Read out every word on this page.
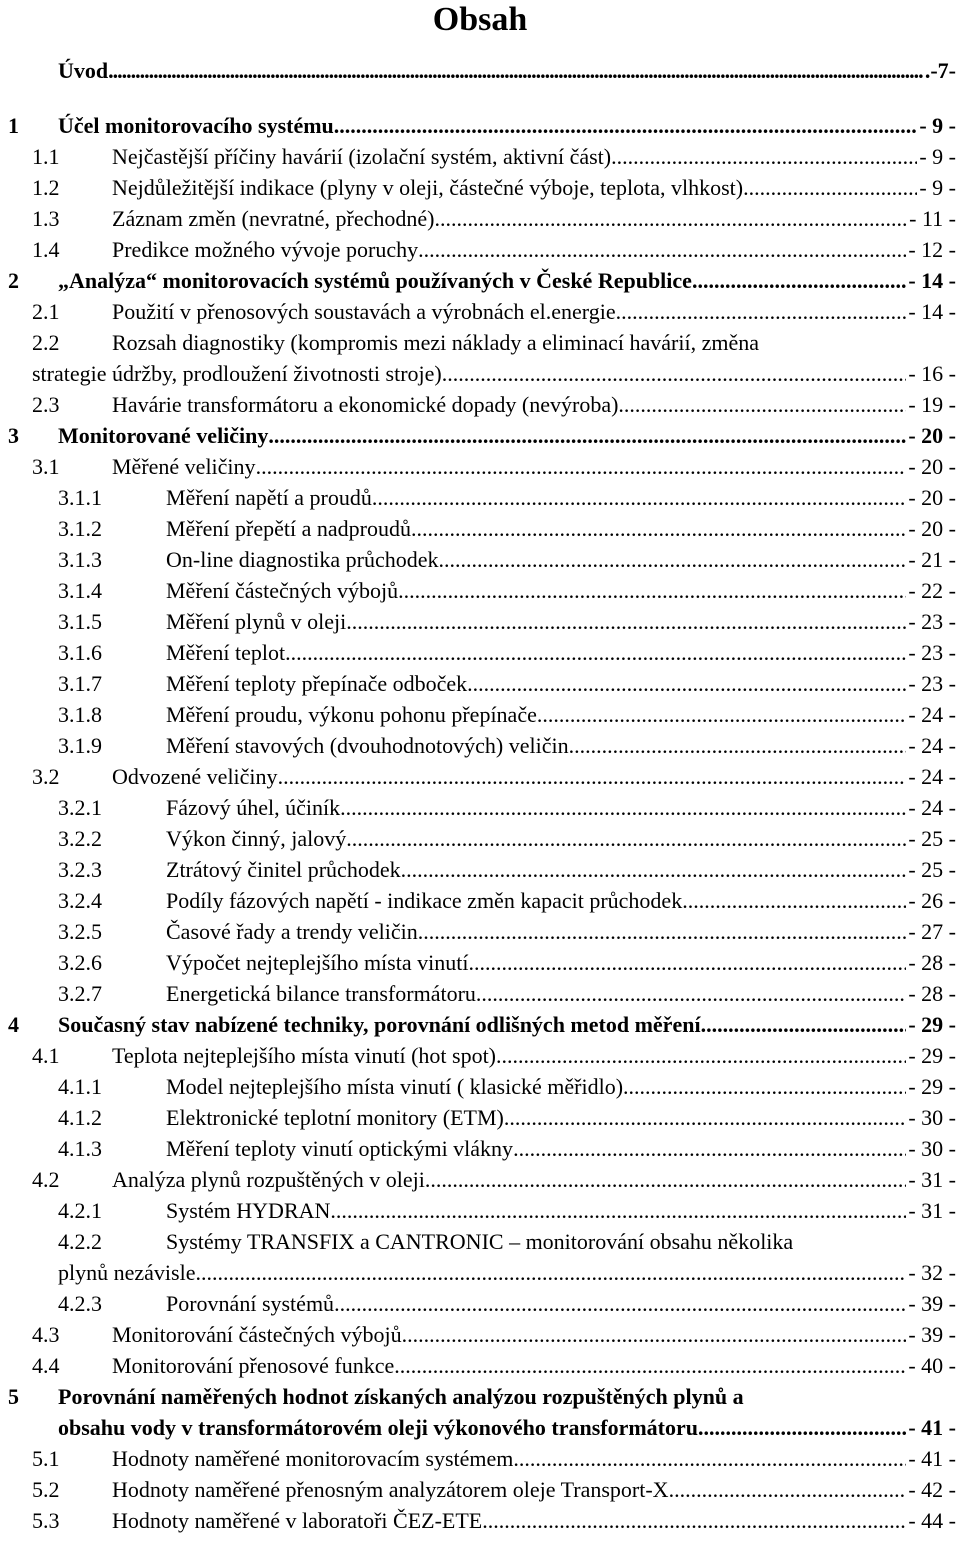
Obsah
Úvod .....	.-7-
1 Účel monitorovacího systému .....	- 9 -
1.1 Nejčastější příčiny havárií (izolační systém, aktivní část) .....	- 9 -
1.2 Nejdůležitější indikace (plyny v oleji, částečné výboje, teplota, vlhkost) .....	- 9 -
1.3 Záznam změn (nevratné, přechodné) .....	- 11 -
1.4 Predikce možného vývoje poruchy .....	- 12 -
2 „Analýza“ monitorovacích systémů používaných v České Republice .....	- 14 -
2.1 Použití v přenosových soustavách a výrobnách el.energie .....	- 14 -
2.2 Rozsah diagnostiky (kompromis mezi náklady a eliminací havárií, změna
strategie údržby, prodloužení životnosti stroje) .....	- 16 -
2.3 Havárie transformátoru a ekonomické dopady (nevýroba) .....	- 19 -
3 Monitorované veličiny .....	- 20 -
3.1 Měřené veličiny .....	- 20 -
3.1.1	Měření napětí a proudů .....	- 20 -
3.1.2	Měření přepětí a nadproudů .....	- 20 -
3.1.3	On-line diagnostika průchodek .....	- 21 -
3.1.4	Měření částečných výbojů .....	- 22 -
3.1.5	Měření plynů v oleji .....	- 23 -
3.1.6	Měření teplot .....	- 23 -
3.1.7	Měření teploty přepínače odboček .....	- 23 -
3.1.8	Měření proudu, výkonu pohonu přepínače .....	- 24 -
3.1.9	Měření stavových (dvouhodnotových) veličin .....	- 24 -
3.2 Odvozené veličiny .....	- 24 -
3.2.1	Fázový úhel, účiník .....	- 24 -
3.2.2	Výkon činný, jalový .....	- 25 -
3.2.3	Ztrátový činitel průchodek .....	- 25 -
3.2.4	Podíly fázových napětí - indikace změn kapacit průchodek .....	- 26 -
3.2.5	Časové řady a trendy veličin .....	- 27 -
3.2.6	Výpočet nejteplejšího místa vinutí .....	- 28 -
3.2.7	Energetická bilance transformátoru .....	- 28 -
4 Současný stav nabízené techniky, porovnání odlišných metod měření .....	- 29 -
4.1 Teplota nejteplejšího místa vinutí (hot spot) .....	- 29 -
4.1.1	Model nejteplejšího místa vinutí ( klasické měřidlo) .....	- 29 -
4.1.2	Elektronické teplotní monitory (ETM) .....	- 30 -
4.1.3	Měření teploty vinutí optickými vlákny .....	- 30 -
4.2 Analýza plynů rozpuštěných v oleji .....	- 31 -
4.2.1	Systém HYDRAN .....	- 31 -
4.2.2	Systémy TRANSFIX a CANTRONIC – monitorování obsahu několika
plynů nezávisle .....	- 32 -
4.2.3	Porovnání systémů .....	- 39 -
4.3 Monitorování částečných výbojů .....	- 39 -
4.4 Monitorování přenosové funkce .....	- 40 -
5 Porovnání naměřených hodnot získaných analýzou rozpuštěných plynů a
obsahu vody v transformátorovém oleji výkonového transformátoru .....	- 41 -
5.1 Hodnoty naměřené monitorovacím systémem .....	- 41 -
5.2 Hodnoty naměřené přenosným analyzátorem oleje Transport-X .....	- 42 -
5.3 Hodnoty naměřené v laboratoři ČEZ-ETE .....	- 44 -
